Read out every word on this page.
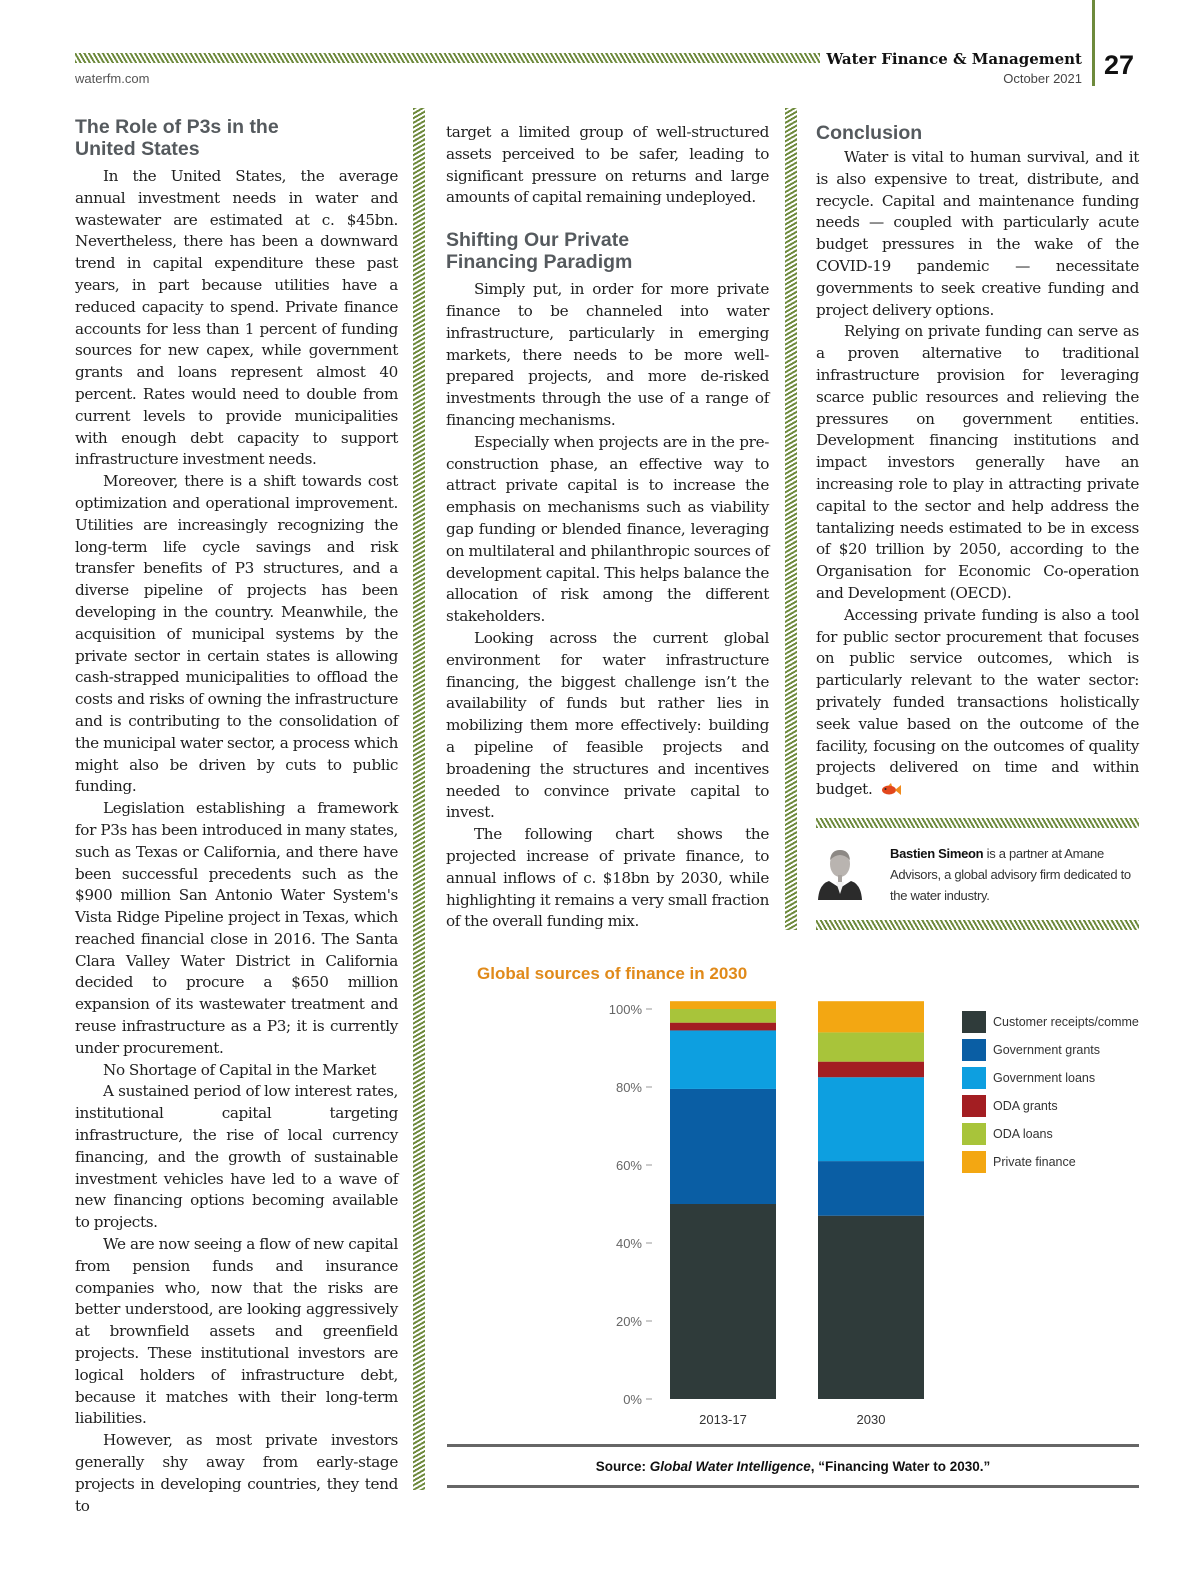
Water Finance & Management
October 2021 27
waterfm.com
The Role of P3s in the United States

In the United States, the average annual investment needs in water and wastewater are estimated at c. $45bn. Nevertheless, there has been a downward trend in capital expenditure these past years, in part because utilities have a reduced capacity to spend. Private finance accounts for less than 1 percent of funding sources for new capex, while government grants and loans represent almost 40 percent. Rates would need to double from current levels to provide municipalities with enough debt capacity to support infrastructure investment needs.

Moreover, there is a shift towards cost optimization and operational improvement. Utilities are increasingly recognizing the long-term life cycle savings and risk transfer benefits of P3 structures, and a diverse pipeline of projects has been developing in the country. Meanwhile, the acquisition of municipal systems by the private sector in certain states is allowing cash-strapped municipalities to offload the costs and risks of owning the infrastructure and is contributing to the consolidation of the municipal water sector, a process which might also be driven by cuts to public funding.

Legislation establishing a framework for P3s has been introduced in many states, such as Texas or California, and there have been successful precedents such as the $900 million San Antonio Water System's Vista Ridge Pipeline project in Texas, which reached financial close in 2016. The Santa Clara Valley Water District in California decided to procure a $650 million expansion of its wastewater treatment and reuse infrastructure as a P3; it is currently under procurement.

No Shortage of Capital in the Market

A sustained period of low interest rates, institutional capital targeting infrastructure, the rise of local currency financing, and the growth of sustainable investment vehicles have led to a wave of new financing options becoming available to projects.

We are now seeing a flow of new capital from pension funds and insurance companies who, now that the risks are better understood, are looking aggressively at brownfield assets and greenfield projects. These institutional investors are logical holders of infrastructure debt, because it matches with their long-term liabilities.

However, as most private investors generally shy away from early-stage projects in developing countries, they tend to

target a limited group of well-structured assets perceived to be safer, leading to significant pressure on returns and large amounts of capital remaining undeployed.

Shifting Our Private Financing Paradigm

Simply put, in order for more private finance to be channeled into water infrastructure, particularly in emerging markets, there needs to be more well-prepared projects, and more de-risked investments through the use of a range of financing mechanisms.

Especially when projects are in the pre-construction phase, an effective way to attract private capital is to increase the emphasis on mechanisms such as viability gap funding or blended finance, leveraging on multilateral and philanthropic sources of development capital. This helps balance the allocation of risk among the different stakeholders.

Looking across the current global environment for water infrastructure financing, the biggest challenge isn’t the availability of funds but rather lies in mobilizing them more effectively: building a pipeline of feasible projects and broadening the structures and incentives needed to convince private capital to invest.

The following chart shows the projected increase of private finance, to annual inflows of c. $18bn by 2030, while highlighting it remains a very small fraction of the overall funding mix.

Conclusion

Water is vital to human survival, and it is also expensive to treat, distribute, and recycle. Capital and maintenance funding needs — coupled with particularly acute budget pressures in the wake of the COVID-19 pandemic — necessitate governments to seek creative funding and project delivery options.

Relying on private funding can serve as a proven alternative to traditional infrastructure provision for leveraging scarce public resources and relieving the pressures on government entities. Development financing institutions and impact investors generally have an increasing role to play in attracting private capital to the sector and help address the tantalizing needs estimated to be in excess of $20 trillion by 2050, according to the Organisation for Economic Co-operation and Development (OECD).

Accessing private funding is also a tool for public sector procurement that focuses on public service outcomes, which is particularly relevant to the water sector: privately funded transactions holistically seek value based on the outcome of the facility, focusing on the outcomes of quality projects delivered on time and within budget.

Bastien Simeon is a partner at Amane Advisors, a global advisory firm dedicated to the water industry.
Global sources of finance in 2030
0%
20%
40%
60%
80%
100%
2013-17	2030
Customer receipts/comme
Government grants
Government loans
ODA grants
ODA loans
Private finance
Source: Global Water Intelligence, “Financing Water to 2030.”
